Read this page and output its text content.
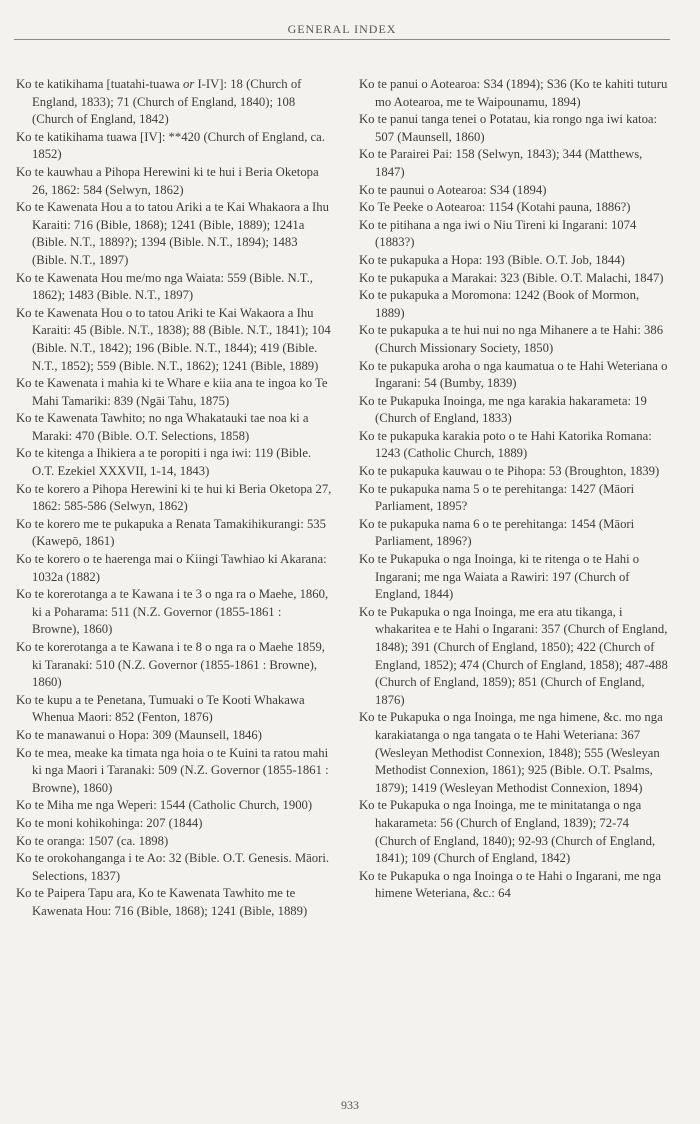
GENERAL INDEX

Ko te katikihama [tuatahi-tuawa or I-IV]: 18 (Church of England, 1833); 71 (Church of England, 1840); 108 (Church of England, 1842)

Ko te katikihama tuawa [IV]: **420 (Church of England, ca. 1852)

Ko te kauwhau a Pihopa Herewini ki te hui i Beria Oketopa 26, 1862: 584 (Selwyn, 1862)

Ko te Kawenata Hou a to tatou Ariki a te Kai Whakaora a Ihu Karaiti: 716 (Bible, 1868); 1241 (Bible, 1889); 1241a (Bible. N.T., 1889?); 1394 (Bible. N.T., 1894); 1483 (Bible. N.T., 1897)

Ko te Kawenata Hou me/mo nga Waiata: 559 (Bible. N.T., 1862); 1483 (Bible. N.T., 1897)

Ko te Kawenata Hou o to tatou Ariki te Kai Wakaora a Ihu Karaiti: 45 (Bible. N.T., 1838); 88 (Bible. N.T., 1841); 104 (Bible. N.T., 1842); 196 (Bible. N.T., 1844); 419 (Bible. N.T., 1852); 559 (Bible. N.T., 1862); 1241 (Bible, 1889)

Ko te Kawenata i mahia ki te Whare e kiia ana te ingoa ko Te Mahi Tamariki: 839 (Ngāi Tahu, 1875)

Ko te Kawenata Tawhito; no nga Whakatauki tae noa ki a Maraki: 470 (Bible. O.T. Selections, 1858)

Ko te kitenga a Ihikiera a te poropiti i nga iwi: 119 (Bible. O.T. Ezekiel XXXVII, 1-14, 1843)

Ko te korero a Pihopa Herewini ki te hui ki Beria Oketopa 27, 1862: 585-586 (Selwyn, 1862)

Ko te korero me te pukapuka a Renata Tamakihikurangi: 535 (Kawepō, 1861)

Ko te korero o te haerenga mai o Kiingi Tawhiao ki Akarana: 1032a (1882)

Ko te korerotanga a te Kawana i te 3 o nga ra o Maehe, 1860, ki a Poharama: 511 (N.Z. Governor (1855-1861 : Browne), 1860)

Ko te korerotanga a te Kawana i te 8 o nga ra o Maehe 1859, ki Taranaki: 510 (N.Z. Governor (1855-1861 : Browne), 1860)

Ko te kupu a te Penetana, Tumuaki o Te Kooti Whakawa Whenua Maori: 852 (Fenton, 1876)

Ko te manawanui o Hopa: 309 (Maunsell, 1846)

Ko te mea, meake ka timata nga hoia o te Kuini ta ratou mahi ki nga Maori i Taranaki: 509 (N.Z. Governor (1855-1861 : Browne), 1860)

Ko te Miha me nga Weperi: 1544 (Catholic Church, 1900)

Ko te moni kohikohinga: 207 (1844)

Ko te oranga: 1507 (ca. 1898)

Ko te orokohanganga i te Ao: 32 (Bible. O.T. Genesis. Māori. Selections, 1837)

Ko te Paipera Tapu ara, Ko te Kawenata Tawhito me te Kawenata Hou: 716 (Bible, 1868); 1241 (Bible, 1889)

Ko te panui o Aotearoa: S34 (1894); S36 (Ko te kahiti tuturu mo Aotearoa, me te Waipounamu, 1894)

Ko te panui tanga tenei o Potatau, kia rongo nga iwi katoa: 507 (Maunsell, 1860)

Ko te Parairei Pai: 158 (Selwyn, 1843); 344 (Matthews, 1847)

Ko te paunui o Aotearoa: S34 (1894)

Ko Te Peeke o Aotearoa: 1154 (Kotahi pauna, 1886?)

Ko te pitihana a nga iwi o Niu Tireni ki Ingarani: 1074 (1883?)

Ko te pukapuka a Hopa: 193 (Bible. O.T. Job, 1844)

Ko te pukapuka a Marakai: 323 (Bible. O.T. Malachi, 1847)

Ko te pukapuka a Moromona: 1242 (Book of Mormon, 1889)

Ko te pukapuka a te hui nui no nga Mihanere a te Hahi: 386 (Church Missionary Society, 1850)

Ko te pukapuka aroha o nga kaumatua o te Hahi Weteriana o Ingarani: 54 (Bumby, 1839)

Ko te Pukapuka Inoinga, me nga karakia hakarameta: 19 (Church of England, 1833)

Ko te pukapuka karakia poto o te Hahi Katorika Romana: 1243 (Catholic Church, 1889)

Ko te pukapuka kauwau o te Pihopa: 53 (Broughton, 1839)

Ko te pukapuka nama 5 o te perehitanga: 1427 (Māori Parliament, 1895?

Ko te pukapuka nama 6 o te perehitanga: 1454 (Māori Parliament, 1896?)

Ko te Pukapuka o nga Inoinga, ki te ritenga o te Hahi o Ingarani; me nga Waiata a Rawiri: 197 (Church of England, 1844)

Ko te Pukapuka o nga Inoinga, me era atu tikanga, i whakaritea e te Hahi o Ingarani: 357 (Church of England, 1848); 391 (Church of England, 1850); 422 (Church of England, 1852); 474 (Church of England, 1858); 487-488 (Church of England, 1859); 851 (Church of England, 1876)

Ko te Pukapuka o nga Inoinga, me nga himene, &c. mo nga karakiatanga o nga tangata o te Hahi Weteriana: 367 (Wesleyan Methodist Connexion, 1848); 555 (Wesleyan Methodist Connexion, 1861); 925 (Bible. O.T. Psalms, 1879); 1419 (Wesleyan Methodist Connexion, 1894)

Ko te Pukapuka o nga Inoinga, me te minitatanga o nga hakarameta: 56 (Church of England, 1839); 72-74 (Church of England, 1840); 92-93 (Church of England, 1841); 109 (Church of England, 1842)

Ko te Pukapuka o nga Inoinga o te Hahi o Ingarani, me nga himene Weteriana, &c.: 64

933
